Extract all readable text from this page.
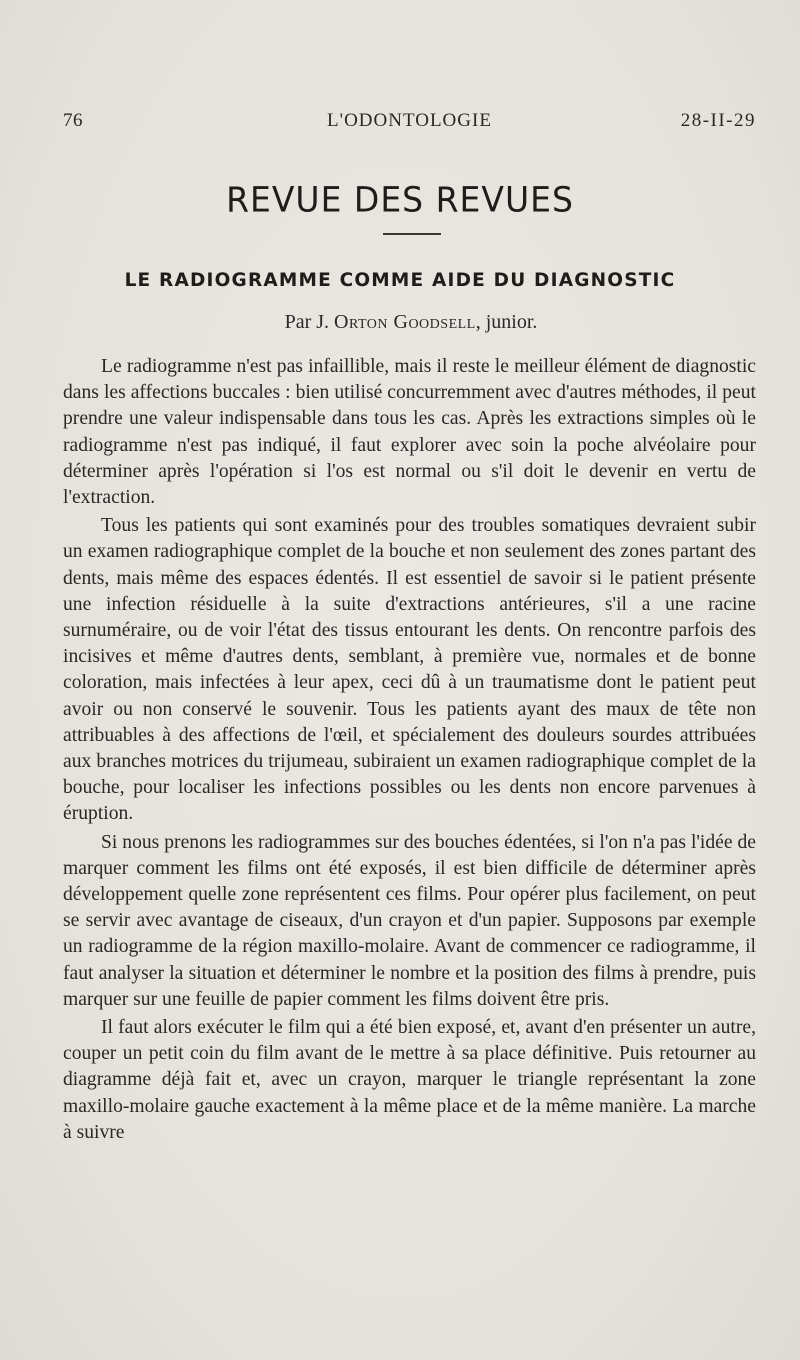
76	L'ODONTOLOGIE	28-II-29
REVUE DES REVUES
LE RADIOGRAMME COMME AIDE DU DIAGNOSTIC
Par J. Orton Goodsell, junior.

Le radiogramme n'est pas infaillible, mais il reste le meilleur élément de diagnostic dans les affections buccales : bien utilisé concurremment avec d'autres méthodes, il peut prendre une valeur indispensable dans tous les cas. Après les extractions simples où le radiogramme n'est pas indiqué, il faut explorer avec soin la poche alvéolaire pour déterminer après l'opération si l'os est normal ou s'il doit le devenir en vertu de l'extraction.

Tous les patients qui sont examinés pour des troubles somatiques devraient subir un examen radiographique complet de la bouche et non seulement des zones partant des dents, mais même des espaces édentés. Il est essentiel de savoir si le patient présente une infection résiduelle à la suite d'extractions antérieures, s'il a une racine surnuméraire, ou de voir l'état des tissus entourant les dents. On rencontre parfois des incisives et même d'autres dents, semblant, à première vue, normales et de bonne coloration, mais infectées à leur apex, ceci dû à un traumatisme dont le patient peut avoir ou non conservé le souvenir. Tous les patients ayant des maux de tête non attribuables à des affections de l'œil, et spécialement des douleurs sourdes attribuées aux branches motrices du trijumeau, subiraient un examen radiographique complet de la bouche, pour localiser les infections possibles ou les dents non encore parvenues à éruption.

Si nous prenons les radiogrammes sur des bouches édentées, si l'on n'a pas l'idée de marquer comment les films ont été exposés, il est bien difficile de déterminer après développement quelle zone représentent ces films. Pour opérer plus facilement, on peut se servir avec avantage de ciseaux, d'un crayon et d'un papier. Supposons par exemple un radiogramme de la région maxillo-molaire. Avant de commencer ce radiogramme, il faut analyser la situation et déterminer le nombre et la position des films à prendre, puis marquer sur une feuille de papier comment les films doivent être pris.

Il faut alors exécuter le film qui a été bien exposé, et, avant d'en présenter un autre, couper un petit coin du film avant de le mettre à sa place définitive. Puis retourner au diagramme déjà fait et, avec un crayon, marquer le triangle représentant la zone maxillo-molaire gauche exactement à la même place et de la même manière. La marche à suivre
